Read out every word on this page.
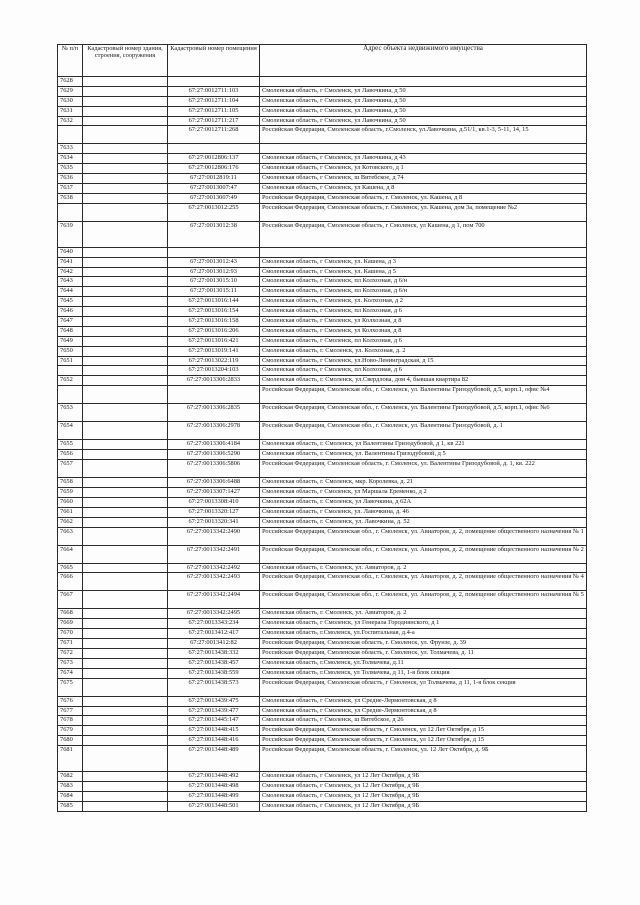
№ п/п	Кадастровый номер здания, строения, сооружения	Кадастровый номер помещения	Адрес объекта недвижимого имущества
7628			
7629		67:27:0012711:103	Смоленская область, г Смоленск, ул Лавочкина, д 50
7630		67:27:0012711:104	Смоленская область, г Смоленск, ул Лавочкина, д 50
7631		67:27:0012711:105	Смоленская область, г Смоленск, ул Лавочкина, д 50
7632		67:27:0012711:217	Смоленская область, г Смоленск, ул Лавочкина, д 50
		67:27:0012711:268	Российская Федерация, Смоленская область, г.Смоленск, ул.Лавочкина, д.51/1, кв.1-3, 5-11, 14, 15
7633			
7634		67:27:0012806:137	Смоленская область, г Смоленск, ул Лавочкина, д 43
7635		67:27:0012806:176	Смоленская область, г Смоленск, ул Котовского, д 1
7636		67:27:0012819:11	Смоленская область, г Смоленск, ш Витебское, д 74
7637		67:27:0013007:47	Смоленская область, г Смоленск, ул Кашена, д 8
7638		67:27:0013007:49	Российская Федерация, Смоленская область, г. Смоленск, ул. Кашена, д 8
		67:27:0013012:255	Российская Федерация, Смоленская область, г. Смоленск, ул. Кашена, дом 3а, помещение №2
7639		67:27:0013012:38	Российская Федерация, Смоленская область, г Смоленск, ул Кашена, д 1, пом 700
7640			
7641		67:27:0013012:43	Смоленская область, г Смоленск, ул. Кашена, д 3
7642		67:27:0013012:93	Смоленская область, г Смоленск, ул. Кашена, д 5
7643		67:27:0013015:10	Смоленская область, г Смоленск, пл Колхозная, д 6/н
7644		67:27:0013015:11	Смоленская область, г Смоленск, пл Колхозная, д 6/н
7645		67:27:0013016:144	Смоленская область, г Смоленск, ул. Колхозная, д 2
7646		67:27:0013016:154	Смоленская область, г Смоленск, пл Колхозная, д 6
7647		67:27:0013016:158	Смоленская область, г Смоленск, ул Колхозная, д 8
7648		67:27:0013016:206	Смоленская область, г Смоленск, ул Колхозная, д 8
7649		67:27:0013016:421	Смоленская область, г Смоленск, пл Колхозная, д 6
7650		67:27:0013019:141	Смоленская область, г. Смоленск, ул. Колхозная, д. 2
7651		67:27:0013022:119	Смоленская область, г Смоленск, ул.Ново-Ленинградская, д 15
		67:27:0013204:103	Смоленская область, г Смоленск, пл Колхозная, д 6
7652		67:27:0013306:2833	Смоленская область, г. Смоленск, ул.Свердлова, дом 4, бывшая квартира 82
			Российская Федерация, Смоленская обл., г. Смоленск, ул. Валентины Гризодубовой, д.5, корп.1, офис №4
7653		67:27:0013306:2835	Российская Федерация, Смоленская обл., г. Смоленск, ул. Валентины Гризодубовой, д.5, корп.1, офис №6
7654		67:27:0013306:2978	Российская Федерация, Смоленская обл., г. Смоленск, ул. Валентины Гризодубовой, д. 1
7655		67:27:0013306:4184	Смоленская область, г. Смоленск, ул Валентины Гризодубовой, д 1, кв 221
7656		67:27:0013306:5290	Смоленская область, г. Смоленск, ул. Валентины Гризодубовой, д 5
7657		67:27:0013306:5806	Российская Федерация, Смоленская область, г. Смоленск, ул. Валентины Гризодубовой, д. 1, кв. 222
7658		67:27:0013306:6488	Смоленская область, г. Смоленск, мкр. Королевка, д. 21
7659		67:27:0013307:1427	Смоленская область, г Смоленск, ул Маршала Еременко, д 2
7660		67:27:0013308:410	Смоленская область, г. Смоленск, ул Лавочкина, д 62А
7661		67:27:0013320:127	Смоленская область, г Смоленск, ул. Лавочкина, д. 46
7662		67:27:0013320:341	Смоленская область, г. Смоленск, ул. Лавочкина, д. 52
7663		67:27:0013342:2490	Российская Федерация, Смоленская обл., г. Смоленск, ул. Авиаторов, д. 2, помещение общественного назначения № 1
7664		67:27:0013342:2491	Российская Федерация, Смоленская обл., г. Смоленск, ул. Авиаторов, д. 2, помещение общественного назначения № 2
7665		67:27:0013342:2492	Смоленская область, г. Смоленск, ул. Авиаторов, д. 2
7666		67:27:0013342:2493	Российская Федерация, Смоленская обл., г. Смоленск, ул. Авиаторов, д. 2, помещение общественного назначения № 4
7667		67:27:0013342:2494	Российская Федерация, Смоленская обл., г. Смоленск, ул. Авиаторов, д. 2, помещение общественного назначения № 5
7668		67:27:0013342:2495	Смоленская область, г. Смоленск, ул. Авиаторов, д. 2
7669		67:27:0013343:234	Смоленская область, г Смоленск, ул Генерала Городнянского, д 1
7670		67:27:0013412:417	Смоленская область, г.Смоленск, ул.Госпитальная, д.4-а
7671		67:27:0013412:82	Российская Федерация, Смоленская область, г. Смоленск, ул. Фрунзе, д. 39
7672		67:27:0013438:332	Российская Федерация, Смоленская область, г. Смоленск, ул. Толмачева, д. 11
7673		67:27:0013438:457	Смоленская область, г.Смоленск, ул.Толмачева, д.11
7674		67:27:0013438:559	Смоленская область, г.Смоленск, ул Толмачева, д 11, 1-я блок секция
7675		67:27:0013438:573	Российская Федерация, Смоленская область, г Смоленск, ул Толмачева, д 11, 1-я блок секция
7676		67:27:0013439:475	Смоленская область, г Смоленск, ул Средне-Лермонтовская, д 8
7677		67:27:0013439:477	Смоленская область, г Смоленск, ул Средне-Лермонтовская, д 8
7678		67:27:0013445:147	Смоленская область, г Смоленск, ш Витебское, д 26
7679		67:27:0013448:415	Российская Федерация, Смоленская область, г Смоленск, ул 12 Лет Октября, д 15
7680		67:27:0013448:416	Российская Федерация, Смоленская область, г Смоленск, ул 12 Лет Октября, д 15
7681		67:27:0013448:489	Российская Федерация, Смоленская область, г. Смоленск, ул. 12 Лет Октября, д. 9Б
7682		67:27:0013448:492	Смоленская область, г Смоленск, ул 12 Лет Октября, д 9Б
7683		67:27:0013448:498	Смоленская область, г Смоленск, ул 12 Лет Октября, д 9Б
7684		67:27:0013448:499	Смоленская область, г Смоленск, ул 12 Лет Октября, д 9Б
7685		67:27:0013448:501	Смоленская область, г Смоленск, ул 12 Лет Октября, д 9Б
